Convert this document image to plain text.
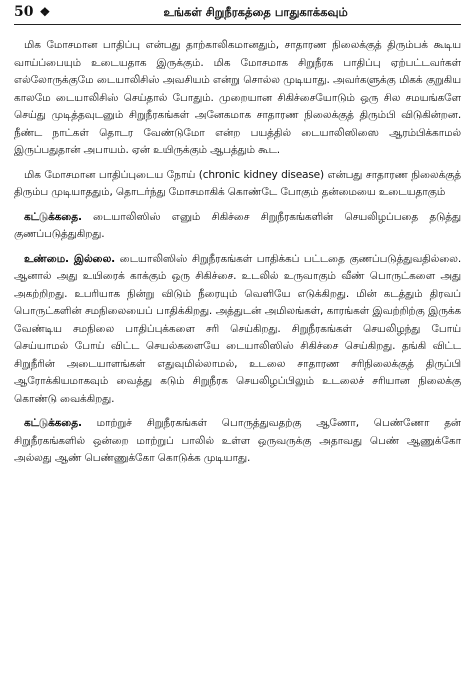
50 ❖	உங்கள் சிறுநீரகத்தை பாதுகாக்கவும்

மிக மோசமான பாதிப்பு என்பது தாற்காலிகமானதும், சாதாரண நிலைக்குத் திரும்பக் கூடிய வாய்ப்பையும் உடையதாக இருக்கும். மிக மோசமாக சிறுநீரக பாதிப்பு ஏற்பட்டவர்கள் எல்லோருக்குமே டையாலிசிஸ் அவசியம் என்று சொல்ல முடியாது. அவர்களுக்கு மிகக் குறுகிய காலமே டையாலிசிஸ் செய்தால் போதும். முறையான சிகிச்சையோடும் ஒரு சில சமயங்களே செய்து முடித்தவுடனும் சிறுநீரகங்கள் அனேகமாக சாதாரண நிலைக்குத் திரும்பி விடுகின்றன. நீண்ட நாட்கள் தொடர வேண்டுமோ என்ற பயத்தில் டையாலிஸிஸை ஆரம்பிக்காமல் இருப்பதுதான் அபாயம். ஏன் உயிருக்கும் ஆபத்தும் கூட.

மிக மோசமான பாதிப்புடைய நோய் (chronic kidney disease) என்பது சாதாரண நிலைக்குத் திரும்ப முடியாததும், தொடர்ந்து மோசமாகிக் கொண்டே போகும் தன்மையை உடையதாகும்

கட்டுக்கதை. டையாலிஸிஸ் எனும் சிகிச்சை சிறுநீரகங்களின் செயலிழப்பதை தடுத்து குணப்படுத்துகிறது.

உண்மை. இல்லை. டையாலிஸிஸ் சிறுநீரகங்கள் பாதிக்கப் பட்டதை குணப்படுத்துவதில்லை. ஆனால் அது உயிரைக் காக்கும் ஒரு சிகிச்சை. உடலில் உருவாகும் வீண் பொருட்களை அது அகற்றிறது. உபரியாக நின்று விடும் நீரையும் வெளியே எடுக்கிறது. மின் கடத்தும் திரவப் பொருட்களின் சமநிலையைப் பாதிக்கிறது. அத்துடன் அமிலங்கள், காரங்கள் இவற்றிற்கு இருக்க வேண்டிய சமநிலை பாதிப்புக்களை சரி செய்கிறது. சிறுநீரகங்கள் செயலிழந்து போய் செய்யாமல் போய் விட்ட செயல்களையே டையாலிஸிஸ் சிகிச்சை செய்கிறது. தங்கி விட்ட சிறுநீரின் அடையாளங்கள் எதுவுமில்லாமல், உடலை சாதாரண சரிநிலைக்குத் திருப்பி ஆரோக்கியமாகவும் வைத்து கடும் சிறுநீரக செயலிழப்பிலும் உடலைச் சரியான நிலைக்கு கொண்டு வைக்கிறது.

கட்டுக்கதை. மாற்றுச் சிறுநீரகங்கள் பொருத்துவதற்கு ஆணோ, பெண்ணோ தன் சிறுநீரகங்களில் ஒன்றை மாற்றுப் பாலில் உள்ள ஒருவருக்கு அதாவது பெண் ஆணுக்கோ அல்லது ஆண் பெண்ணுக்கோ கொடுக்க முடியாது.
